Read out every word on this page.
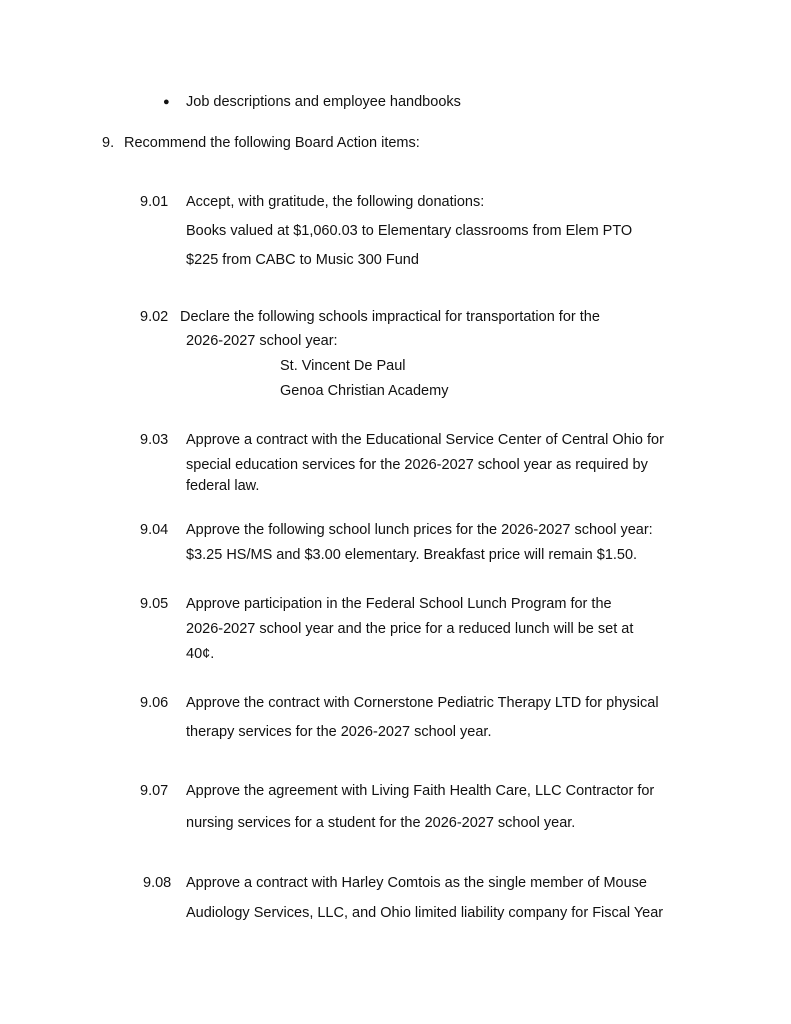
● Job descriptions and employee handbooks
9. Recommend the following Board Action items:
9.01 Accept, with gratitude, the following donations:
Books valued at $1,060.03 to Elementary classrooms from Elem PTO
$225 from CABC to Music 300 Fund
9.02 Declare the following schools impractical for transportation for the
2026-2027 school year:
St. Vincent De Paul
Genoa Christian Academy
9.03 Approve a contract with the Educational Service Center of Central Ohio for
special education services for the 2026-2027 school year as required by
federal law.
9.04 Approve the following school lunch prices for the 2026-2027 school year:
$3.25 HS/MS and $3.00 elementary. Breakfast price will remain $1.50.
9.05 Approve participation in the Federal School Lunch Program for the
2026-2027 school year and the price for a reduced lunch will be set at
40¢.
9.06 Approve the contract with Cornerstone Pediatric Therapy LTD for physical
therapy services for the 2026-2027 school year.
9.07 Approve the agreement with Living Faith Health Care, LLC Contractor for
nursing services for a student for the 2026-2027 school year.
9.08 Approve a contract with Harley Comtois as the single member of Mouse
Audiology Services, LLC, and Ohio limited liability company for Fiscal Year
